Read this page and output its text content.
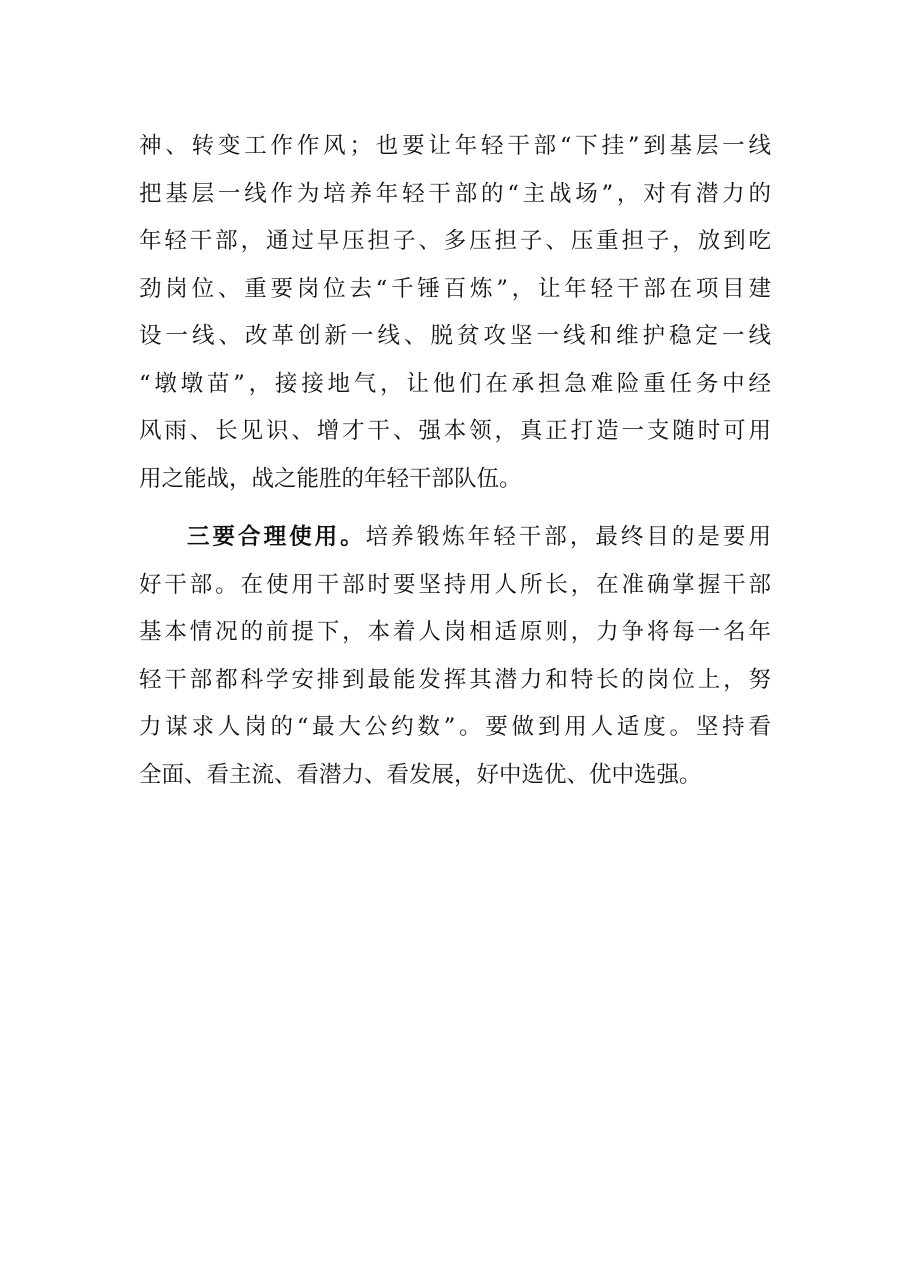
神、转变工作作风；也要让年轻干部“下挂”到基层一线
把基层一线作为培养年轻干部的“主战场”，对有潜力的
年轻干部，通过早压担子、多压担子、压重担子，放到吃
劲岗位、重要岗位去“千锤百炼”，让年轻干部在项目建
设一线、改革创新一线、脱贫攻坚一线和维护稳定一线
“墩墩苗”，接接地气，让他们在承担急难险重任务中经
风雨、长见识、增才干、强本领，真正打造一支随时可用
用之能战，战之能胜的年轻干部队伍。
三要合理使用。培养锻炼年轻干部，最终目的是要用
好干部。在使用干部时要坚持用人所长，在准确掌握干部
基本情况的前提下，本着人岗相适原则，力争将每一名年
轻干部都科学安排到最能发挥其潜力和特长的岗位上，努
力谋求人岗的“最大公约数”。要做到用人适度。坚持看
全面、看主流、看潜力、看发展，好中选优、优中选强。
